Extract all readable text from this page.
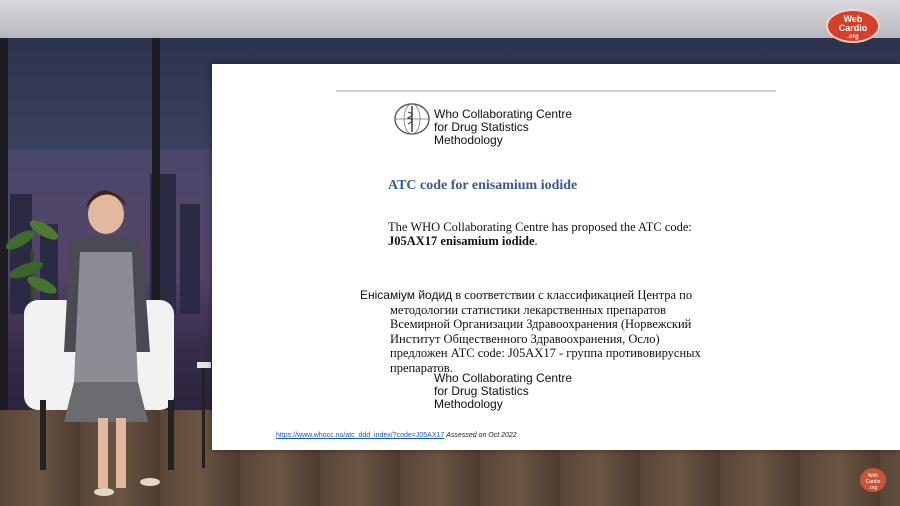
Who Collaborating Centre
for Drug Statistics
Methodology
ATC code for enisamium iodide
The WHO Collaborating Centre has proposed the ATC code:
J05AX17 enisamium iodide.
Енісаміум йодид в соответствии с классификацией Центра по
методологии статистики лекарственных препаратов
Всемирной Организации Здравоохранения (Норвежский
Институт Общественного Здравоохранения, Осло)
предложен АТС code: J05AX17 - группа противовирусных
препаратов.
Who Collaborating Centre
for Drug Statistics
Methodology
https://www.whocc.no/atc_ddd_index/?code=J05AX17 Assessed on Oct 2022
Web
Cardio
.org
Web
Cardio
.org
